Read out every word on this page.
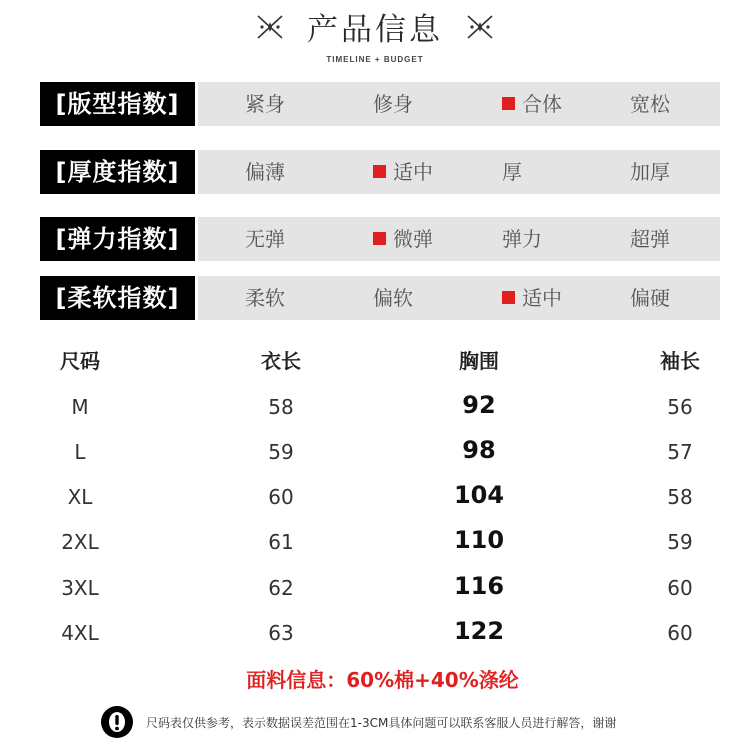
产品信息
TIMELINE + BUDGET
[版型指数]	紧身	修身	合体	宽松
[厚度指数]	偏薄	适中	厚	加厚
[弹力指数]	无弹	微弹	弹力	超弹
[柔软指数]	柔软	偏软	适中	偏硬
尺码	衣长	胸围	袖长
M	58	92	56
L	59	98	57
XL	60	104	58
2XL	61	110	59
3XL	62	116	60
4XL	63	122	60
面料信息：60%棉+40%涤纶
尺码表仅供参考，表示数据误差范围在1-3CM具体问题可以联系客服人员进行解答，谢谢
